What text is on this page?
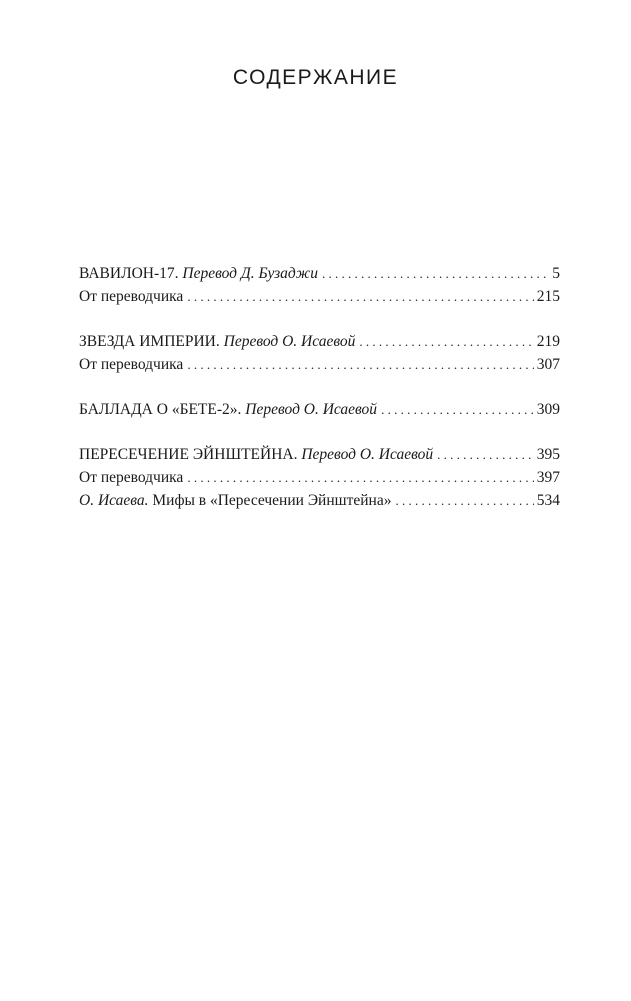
СОДЕРЖАНИЕ
ВАВИЛОН-17. Перевод Д. Бузаджи . . .	5
От переводчика . . .	215
ЗВЕЗДА ИМПЕРИИ. Перевод О. Исаевой . . .	219
От переводчика . . .	307
БАЛЛАДА О «БЕТЕ-2». Перевод О. Исаевой . . .	309
ПЕРЕСЕЧЕНИЕ ЭЙНШТЕЙНА. Перевод О. Исаевой . . .	395
От переводчика . . .	397
О. Исаева. Мифы в «Пересечении Эйнштейна» . . .	534
